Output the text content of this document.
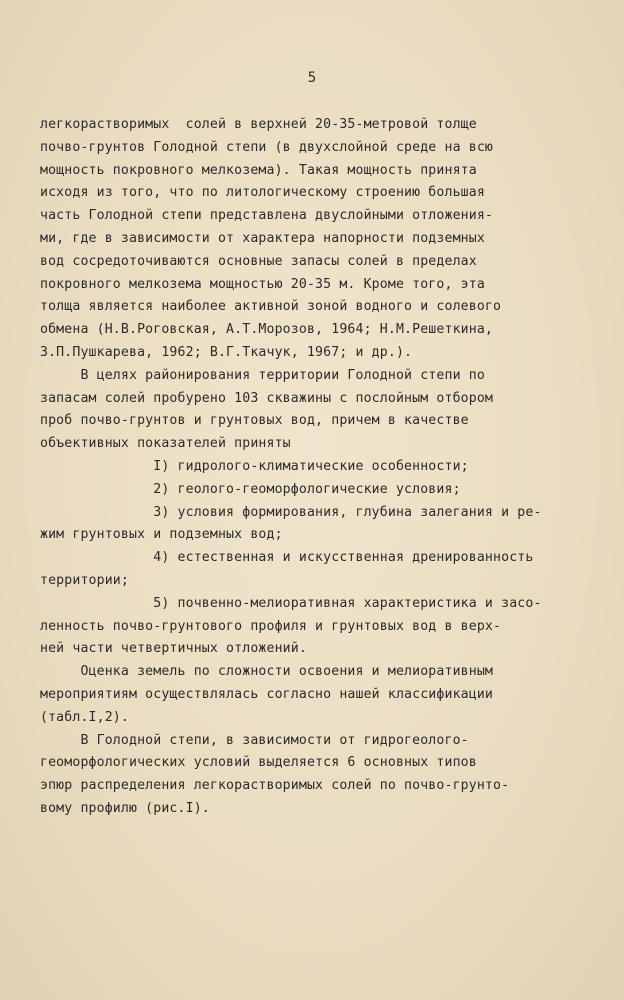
5
легкорастворимых  солей в верхней 20-35-метровой толще
почво-грунтов Голодной степи (в двухслойной среде на всю
мощность покровного мелкозема). Такая мощность принята
исходя из того, что по литологическому строению большая
часть Голодной степи представлена двуслойными отложения-
ми, где в зависимости от характера напорности подземных
вод сосредоточиваются основные запасы солей в пределах
покровного мелкозема мощностью 20-35 м. Кроме того, эта
толща является наиболее активной зоной водного и солевого
обмена (Н.В.Роговская, А.Т.Морозов, 1964; Н.М.Решеткина,
З.П.Пушкарева, 1962; В.Г.Ткачук, 1967; и др.).
В целях районирования территории Голодной степи по
запасам солей пробурено 103 скважины с послойным отбором
проб почво-грунтов и грунтовых вод, причем в качестве
объективных показателей приняты
I) гидролого-климатические особенности;
2) геолого-геоморфологические условия;
3) условия формирования, глубина залегания и ре-
жим грунтовых и подземных вод;
4) естественная и искусственная дренированность
территории;
5) почвенно-мелиоративная характеристика и засо-
ленность почво-грунтового профиля и грунтовых вод в верх-
ней части четвертичных отложений.
Оценка земель по сложности освоения и мелиоративным
мероприятиям осуществлялась согласно нашей классификации
(табл.I,2).
В Голодной степи, в зависимости от гидрогеолого-
геоморфологических условий выделяется 6 основных типов
эпюр распределения легкорастворимых солей по почво-грунто-
вому профилю (рис.I).
